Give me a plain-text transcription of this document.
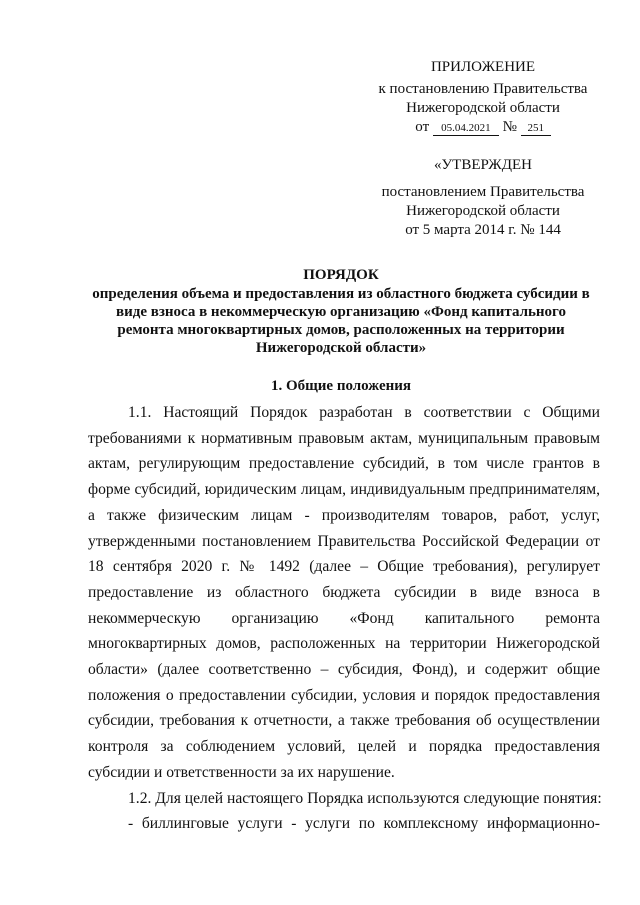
ПРИЛОЖЕНИЕ
к постановлению Правительства
Нижегородской области
от 05.04.2021 № 251
«УТВЕРЖДЕН
постановлением Правительства
Нижегородской области
от 5 марта 2014 г. № 144
ПОРЯДОК
определения объема и предоставления из областного бюджета субсидии в
виде взноса в некоммерческую организацию «Фонд капитального
ремонта многоквартирных домов, расположенных на территории
Нижегородской области»
1. Общие положения
1.1. Настоящий Порядок разработан в соответствии с Общими
требованиями к нормативным правовым актам, муниципальным правовым
актам, регулирующим предоставление субсидий, в том числе грантов в
форме субсидий, юридическим лицам, индивидуальным предпринимателям,
а также физическим лицам - производителям товаров, работ, услуг,
утвержденными постановлением Правительства Российской Федерации от
18 сентября 2020 г. № 1492 (далее – Общие требования), регулирует
предоставление из областного бюджета субсидии в виде взноса в
некоммерческую организацию «Фонд капитального ремонта
многоквартирных домов, расположенных на территории Нижегородской
области» (далее соответственно – субсидия, Фонд), и содержит общие
положения о предоставлении субсидии, условия и порядок предоставления
субсидии, требования к отчетности, а также требования об осуществлении
контроля за соблюдением условий, целей и порядка предоставления
субсидии и ответственности за их нарушение.
1.2. Для целей настоящего Порядка используются следующие понятия:
- биллинговые услуги - услуги по комплексному информационно-
